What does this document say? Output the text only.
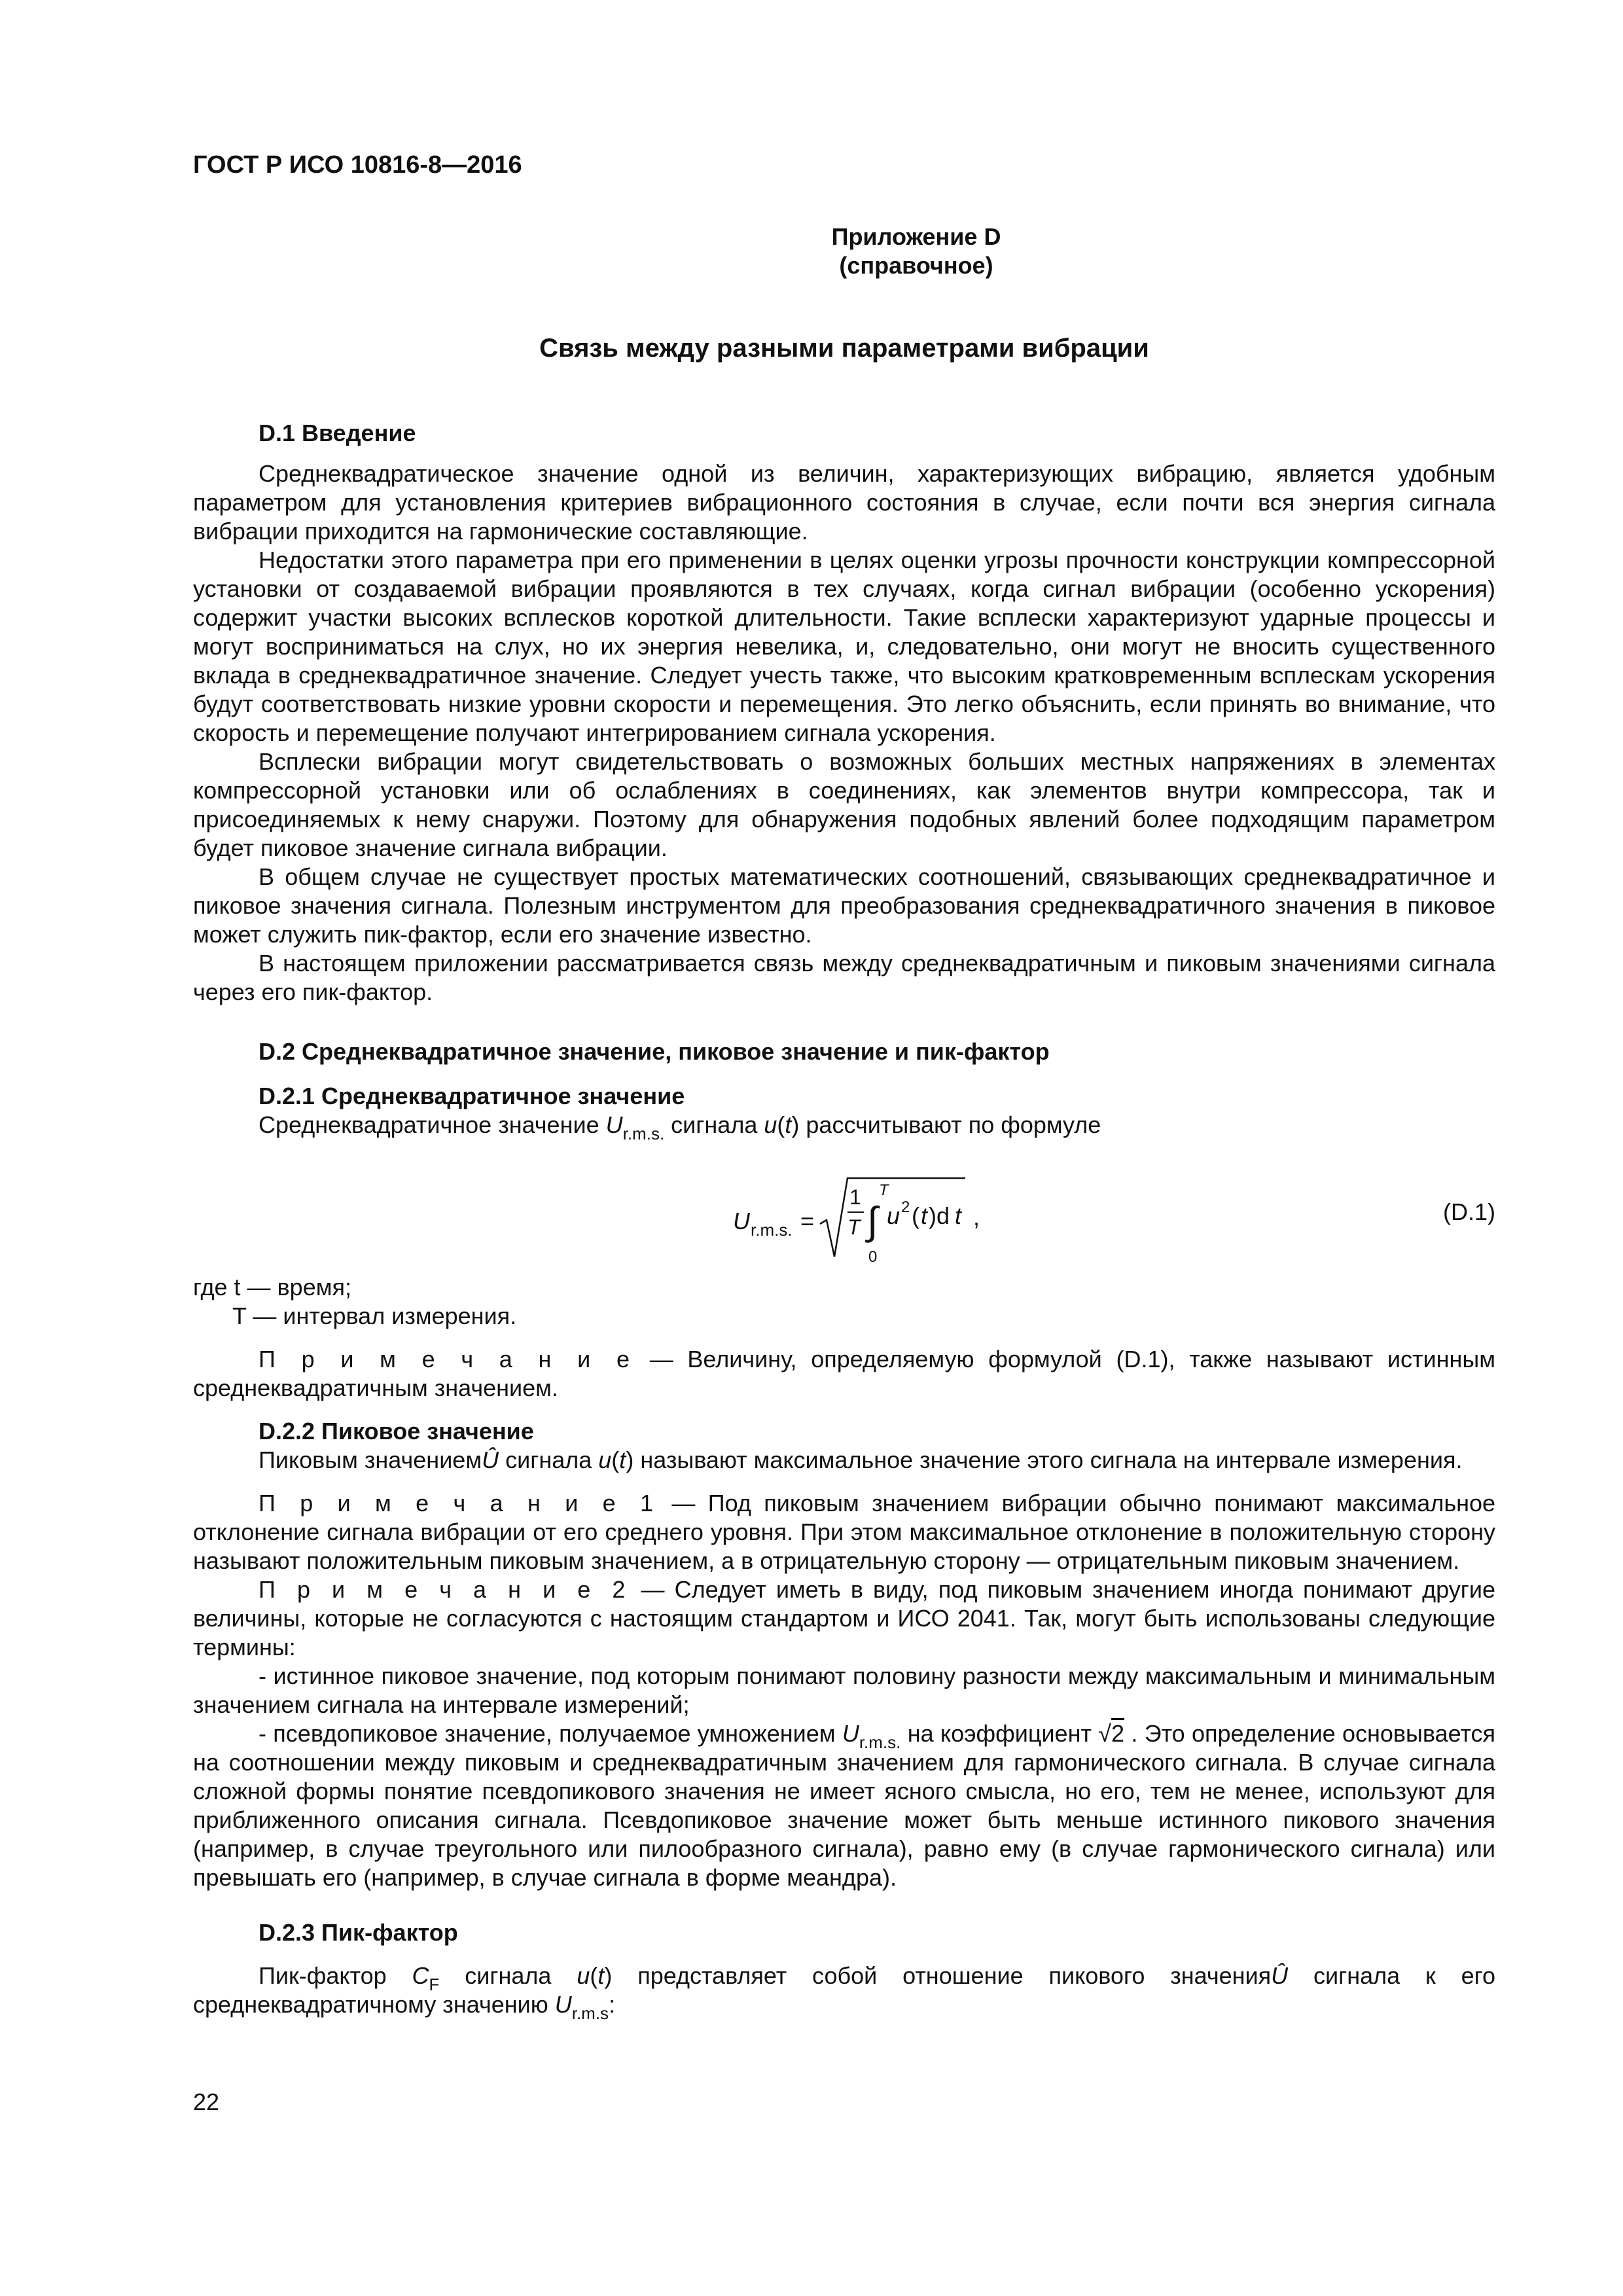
ГОСТ Р ИСО 10816-8—2016
Приложение D
(справочное)
Связь между разными параметрами вибрации
D.1 Введение

Среднеквадратическое значение одной из величин, характеризующих вибрацию, является удобным параметром для установления критериев вибрационного состояния в случае, если почти вся энергия сигнала вибрации приходится на гармонические составляющие.

Недостатки этого параметра при его применении в целях оценки угрозы прочности конструкции компрессорной установки от создаваемой вибрации проявляются в тех случаях, когда сигнал вибрации (особенно ускорения) содержит участки высоких всплесков короткой длительности. Такие всплески характеризуют ударные процессы и могут восприниматься на слух, но их энергия невелика, и, следовательно, они могут не вносить существенного вклада в среднеквадратичное значение. Следует учесть также, что высоким кратковременным всплескам ускорения будут соответствовать низкие уровни скорости и перемещения. Это легко объяснить, если принять во внимание, что скорость и перемещение получают интегрированием сигнала ускорения.

Всплески вибрации могут свидетельствовать о возможных больших местных напряжениях в элементах компрессорной установки или об ослаблениях в соединениях, как элементов внутри компрессора, так и присоединяемых к нему снаружи. Поэтому для обнаружения подобных явлений более подходящим параметром будет пиковое значение сигнала вибрации.

В общем случае не существует простых математических соотношений, связывающих среднеквадратичное и пиковое значения сигнала. Полезным инструментом для преобразования среднеквадратичного значения в пиковое может служить пик-фактор, если его значение известно.

В настоящем приложении рассматривается связь между среднеквадратичным и пиковым значениями сигнала через его пик-фактор.

D.2 Среднеквадратичное значение, пиковое значение и пик-фактор
D.2.1 Среднеквадратичное значение

Среднеквадратичное значение $U_{r.m.s.}$ сигнала u(t) рассчитывают по формуле

U r.m.s. =
1
T ∫
T
0
u 2 ( t )d t ,	(D.1)

где t — время;

T — интервал измерения.

П р и м е ч а н и е — Величину, определяемую формулой (D.1), также называют истинным среднеквадратичным значением.

D.2.2 Пиковое значение

Пиковым значениемÛ сигнала u(t) называют максимальное значение этого сигнала на интервале измерения.

П р и м е ч а н и е 1 — Под пиковым значением вибрации обычно понимают максимальное отклонение сигнала вибрации от его среднего уровня. При этом максимальное отклонение в положительную сторону называют положительным пиковым значением, а в отрицательную сторону — отрицательным пиковым значением.

П р и м е ч а н и е 2 — Следует иметь в виду, под пиковым значением иногда понимают другие величины, которые не согласуются с настоящим стандартом и ИСО 2041. Так, могут быть использованы следующие термины:

- истинное пиковое значение, под которым понимают половину разности между максимальным и минимальным значением сигнала на интервале измерений;

- псевдопиковое значение, получаемое умножением $U_{r.m.s.}$ на коэффициент √2 . Это определение основывается на соотношении между пиковым и среднеквадратичным значением для гармонического сигнала. В случае сигнала сложной формы понятие псевдопикового значения не имеет ясного смысла, но его, тем не менее, используют для приближенного описания сигнала. Псевдопиковое значение может быть меньше истинного пикового значения (например, в случае треугольного или пилообразного сигнала), равно ему (в случае гармонического сигнала) или превышать его (например, в случае сигнала в форме меандра).

D.2.3 Пик-фактор

Пик-фактор $C_F$ сигнала u(t) представляет собой отношение пикового значенияÛ сигнала к его среднеквадратичному значению $U_{r.m.s}$:

22
